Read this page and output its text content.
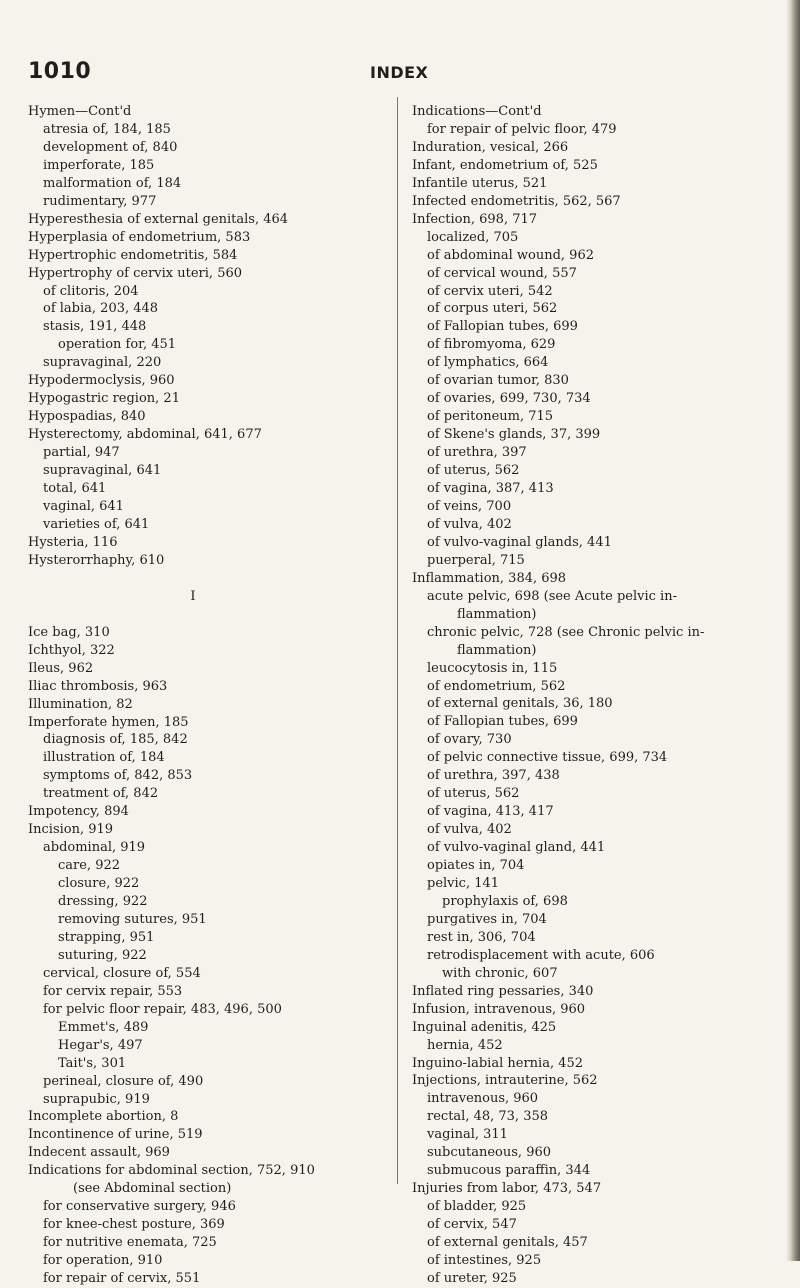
1010	INDEX
Hymen—Cont'd
atresia of, 184, 185
development of, 840
imperforate, 185
malformation of, 184
rudimentary, 977
Hyperesthesia of external genitals, 464
Hyperplasia of endometrium, 583
Hypertrophic endometritis, 584
Hypertrophy of cervix uteri, 560
of clitoris, 204
of labia, 203, 448
stasis, 191, 448
operation for, 451
supravaginal, 220
Hypodermoclysis, 960
Hypogastric region, 21
Hypospadias, 840
Hysterectomy, abdominal, 641, 677
partial, 947
supravaginal, 641
total, 641
vaginal, 641
varieties of, 641
Hysteria, 116
Hysterorrhaphy, 610
I
Ice bag, 310
Ichthyol, 322
Ileus, 962
Iliac thrombosis, 963
Illumination, 82
Imperforate hymen, 185
diagnosis of, 185, 842
illustration of, 184
symptoms of, 842, 853
treatment of, 842
Impotency, 894
Incision, 919
abdominal, 919
care, 922
closure, 922
dressing, 922
removing sutures, 951
strapping, 951
suturing, 922
cervical, closure of, 554
for cervix repair, 553
for pelvic floor repair, 483, 496, 500
Emmet's, 489
Hegar's, 497
Tait's, 301
perineal, closure of, 490
suprapubic, 919
Incomplete abortion, 8
Incontinence of urine, 519
Indecent assault, 969
Indications for abdominal section, 752, 910
(see Abdominal section)
for conservative surgery, 946
for knee-chest posture, 369
for nutritive enemata, 725
for operation, 910
for repair of cervix, 551
Indications—Cont'd
for repair of pelvic floor, 479
Induration, vesical, 266
Infant, endometrium of, 525
Infantile uterus, 521
Infected endometritis, 562, 567
Infection, 698, 717
localized, 705
of abdominal wound, 962
of cervical wound, 557
of cervix uteri, 542
of corpus uteri, 562
of Fallopian tubes, 699
of fibromyoma, 629
of lymphatics, 664
of ovarian tumor, 830
of ovaries, 699, 730, 734
of peritoneum, 715
of Skene's glands, 37, 399
of urethra, 397
of uterus, 562
of vagina, 387, 413
of veins, 700
of vulva, 402
of vulvo-vaginal glands, 441
puerperal, 715
Inflammation, 384, 698
acute pelvic, 698 (see Acute pelvic in-
flammation)
chronic pelvic, 728 (see Chronic pelvic in-
flammation)
leucocytosis in, 115
of endometrium, 562
of external genitals, 36, 180
of Fallopian tubes, 699
of ovary, 730
of pelvic connective tissue, 699, 734
of urethra, 397, 438
of uterus, 562
of vagina, 413, 417
of vulva, 402
of vulvo-vaginal gland, 441
opiates in, 704
pelvic, 141
prophylaxis of, 698
purgatives in, 704
rest in, 306, 704
retrodisplacement with acute, 606
with chronic, 607
Inflated ring pessaries, 340
Infusion, intravenous, 960
Inguinal adenitis, 425
hernia, 452
Inguino-labial hernia, 452
Injections, intrauterine, 562
intravenous, 960
rectal, 48, 73, 358
vaginal, 311
subcutaneous, 960
submucous paraffin, 344
Injuries from labor, 473, 547
of bladder, 925
of cervix, 547
of external genitals, 457
of intestines, 925
of ureter, 925
